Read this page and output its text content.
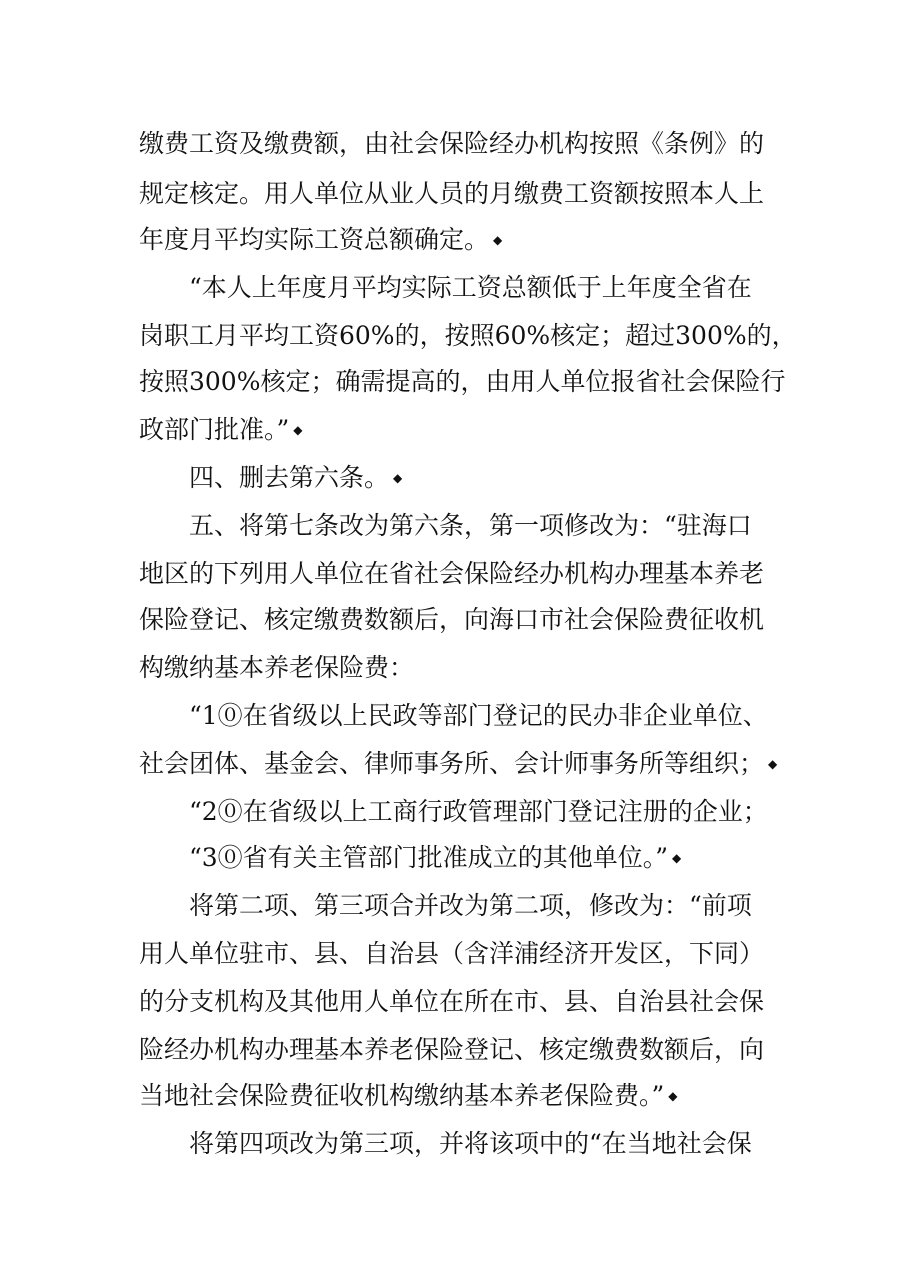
缴费工资及缴费额，由社会保险经办机构按照《条例》的
规定核定。用人单位从业人员的月缴费工资额按照本人上
年度月平均实际工资总额确定。 ◆
“本人上年度月平均实际工资总额低于上年度全省在
岗职工月平均工资60%的，按照60%核定；超过300%的，
按照300%核定；确需提高的，由用人单位报省社会保险行
政部门批准。” ◆
四、删去第六条。 ◆
五、将第七条改为第六条，第一项修改为：“驻海口
地区的下列用人单位在省社会保险经办机构办理基本养老
保险登记、核定缴费数额后，向海口市社会保险费征收机
构缴纳基本养老保险费：
“1⓪在省级以上民政等部门登记的民办非企业单位、
社会团体、基金会、律师事务所、会计师事务所等组织； ◆
“2⓪在省级以上工商行政管理部门登记注册的企业；
“3⓪省有关主管部门批准成立的其他单位。” ◆
将第二项、第三项合并改为第二项，修改为：“前项
用人单位驻市、县、自治县（含洋浦经济开发区，下同）
的分支机构及其他用人单位在所在市、县、自治县社会保
险经办机构办理基本养老保险登记、核定缴费数额后，向
当地社会保险费征收机构缴纳基本养老保险费。” ◆
将第四项改为第三项，并将该项中的“在当地社会保
